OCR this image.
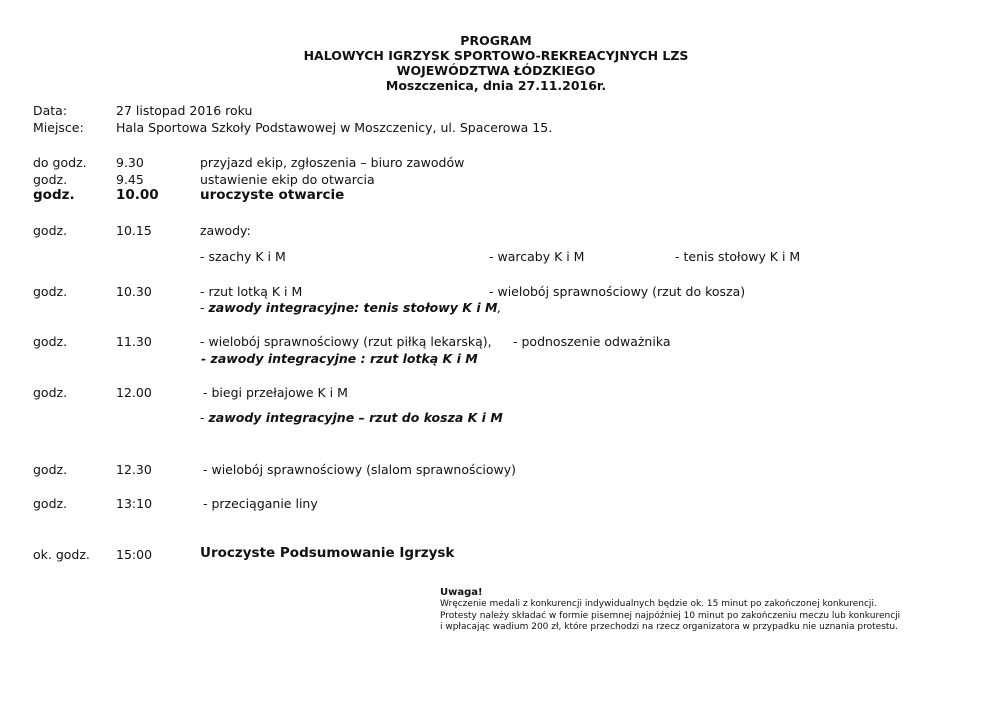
PROGRAM
HALOWYCH IGRZYSK SPORTOWO-REKREACYJNYCH LZS
WOJEWÓDZTWA ŁÓDZKIEGO
Moszczenica, dnia 27.11.2016r.
Data:	27 listopad 2016 roku
Miejsce:	Hala Sportowa Szkoły Podstawowej w Moszczenicy, ul. Spacerowa 15.
do godz. 9.30	przyjazd ekip, zgłoszenia – biuro zawodów
godz.	9.45	ustawienie ekip do otwarcia
godz.	10.00	uroczyste otwarcie
godz.	10.15	zawody:
- szachy K i M	- warcaby K i M	- tenis stołowy K i M
godz.	10.30	- rzut lotką K i M	- wielobój sprawnościowy (rzut do kosza)
- zawody integracyjne: tenis stołowy K i M,
godz.	11.30	- wielobój sprawnościowy (rzut piłką lekarską), - podnoszenie odważnika
- zawody integracyjne : rzut lotką K i M
godz.	12.00	- biegi przełajowe K i M
- zawody integracyjne – rzut do kosza K i M
godz.	12.30	- wielobój sprawnościowy (slalom sprawnościowy)
godz.	13:10	- przeciąganie liny
ok. godz. 15:00	Uroczyste Podsumowanie Igrzysk
Uwaga!
Wręczenie medali z konkurencji indywidualnych będzie ok. 15 minut po zakończonej konkurencji.
Protesty należy składać w formie pisemnej najpóźniej 10 minut po zakończeniu meczu lub konkurencji
i wpłacając wadium 200 zł, które przechodzi na rzecz organizatora w przypadku nie uznania protestu.
